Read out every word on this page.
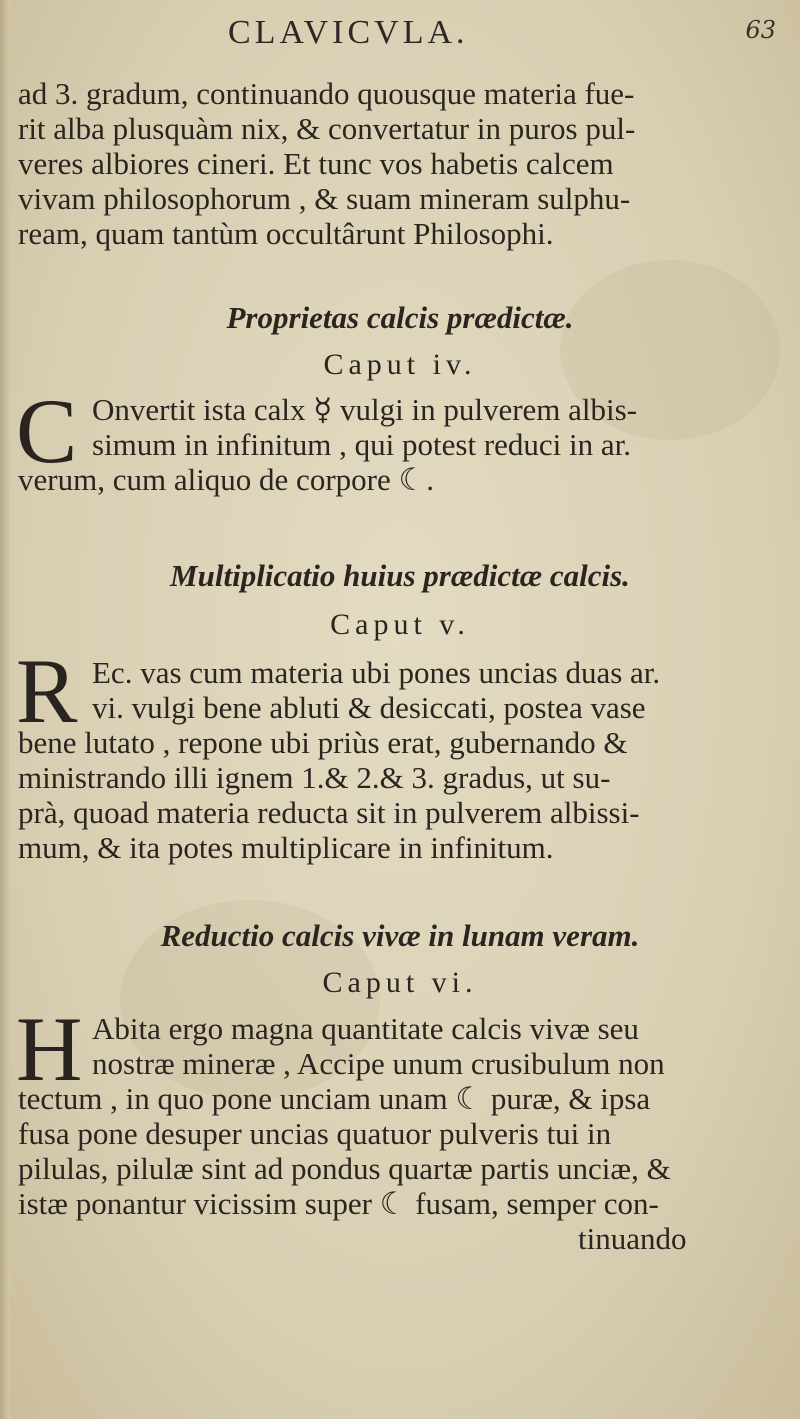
CLAVICVLA.	63
ad 3. gradum, continuando quousque materia fue-
rit alba plusquàm nix, & convertatur in puros pul-
veres albiores cineri. Et tunc vos habetis calcem
vivam philosophorum , & suam mineram sulphu-
ream, quam tantùm occultârunt Philosophi.
Proprietas calcis prædictæ.
Caput iv.
C Onvertit ista calx ☿ vulgi in pulverem albis-
simum in infinitum , qui potest reduci in ar.
verum, cum aliquo de corpore ☾.
Multiplicatio huius prædictæ calcis.
Caput v.
R Ec. vas cum materia ubi pones uncias duas ar.
vi. vulgi bene abluti & desiccati, postea vase
bene lutato , repone ubi priùs erat, gubernando &
ministrando illi ignem 1.& 2.& 3. gradus, ut su-
prà, quoad materia reducta sit in pulverem albissi-
mum, & ita potes multiplicare in infinitum.
Reductio calcis vivæ in lunam veram.
Caput vi.
H Abita ergo magna quantitate calcis vivæ seu
nostræ mineræ , Accipe unum crusibulum non
tectum , in quo pone unciam unam ☾ puræ, & ipsa
fusa pone desuper uncias quatuor pulveris tui in
pilulas, pilulæ sint ad pondus quartæ partis unciæ, &
istæ ponantur vicissim super ☾ fusam, semper con-
tinuando
